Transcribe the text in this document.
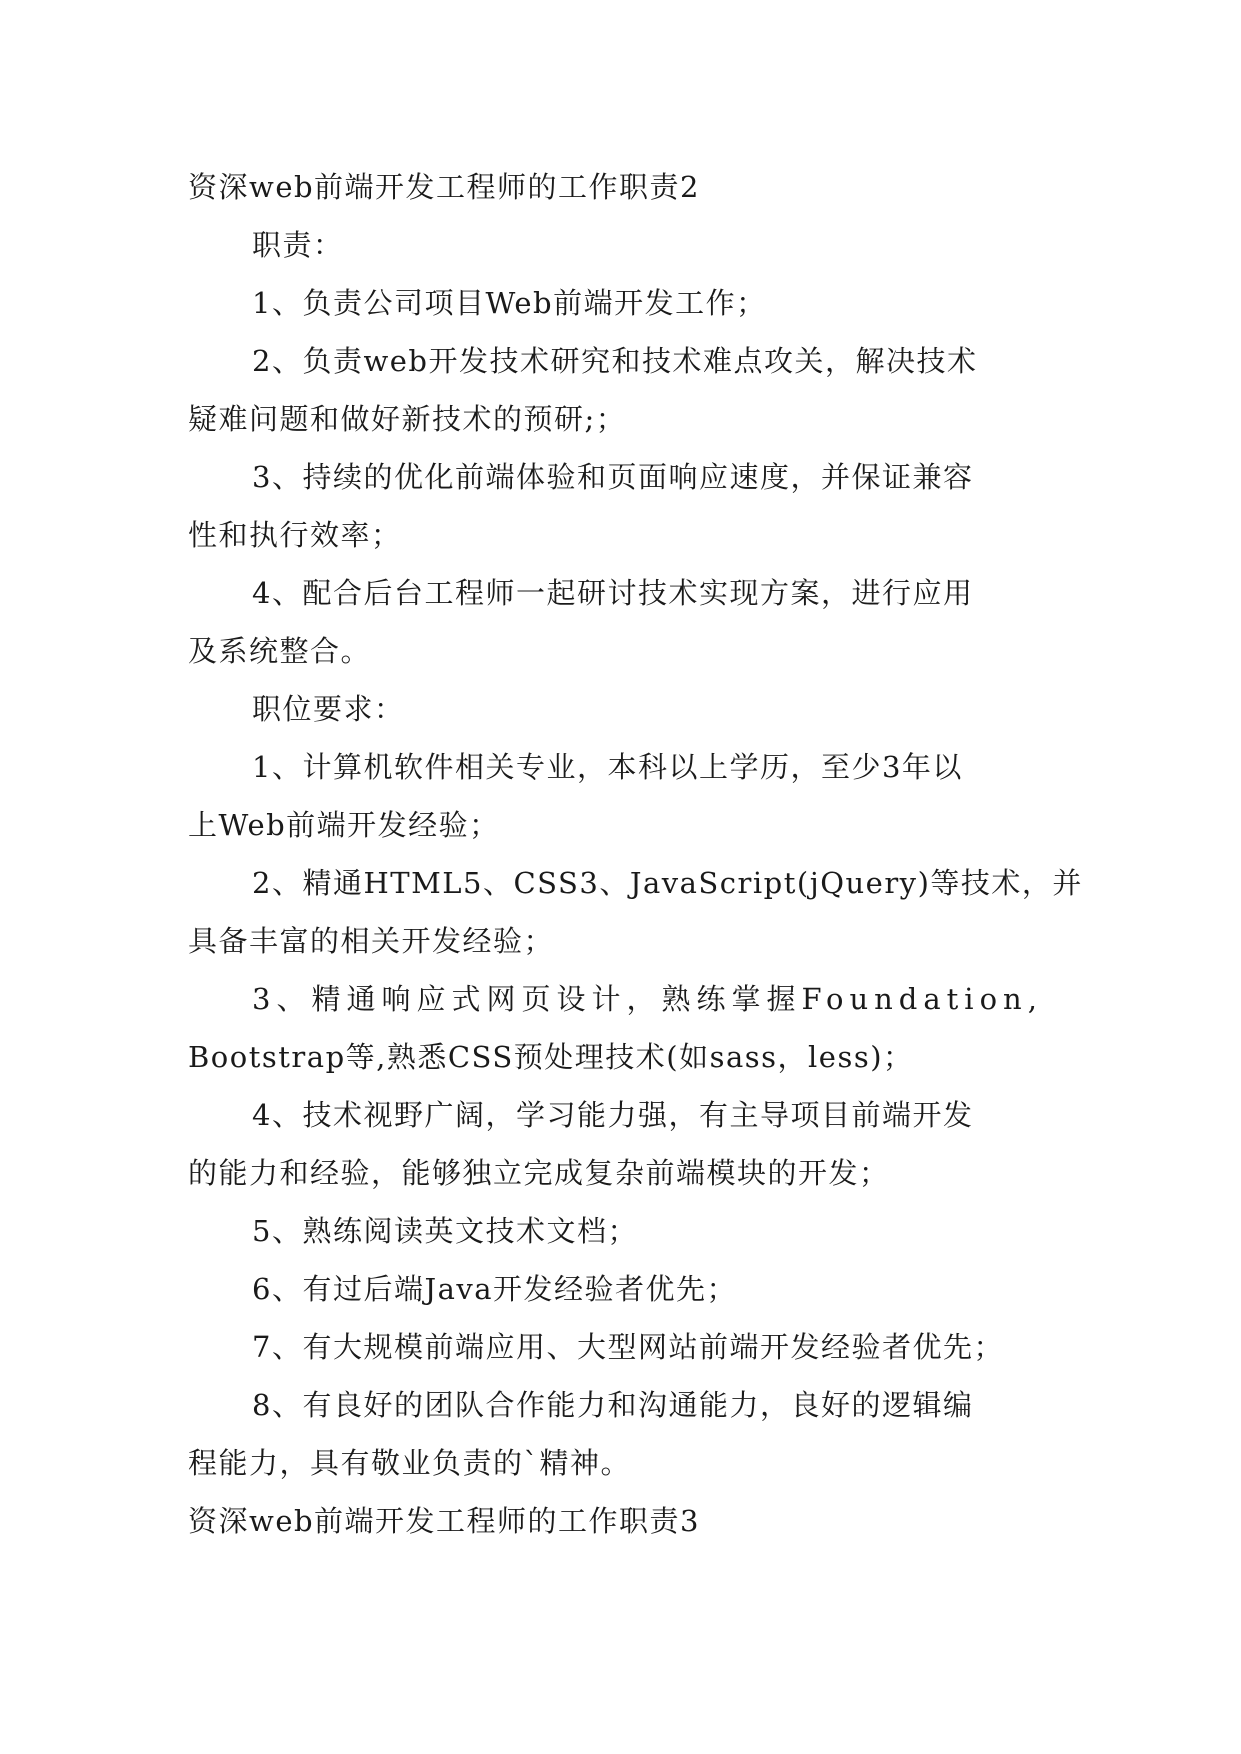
资深web前端开发工程师的工作职责2
职责：
1、负责公司项目Web前端开发工作；
2、负责web开发技术研究和技术难点攻关，解决技术
疑难问题和做好新技术的预研;；
3、持续的优化前端体验和页面响应速度，并保证兼容
性和执行效率；
4、配合后台工程师一起研讨技术实现方案，进行应用
及系统整合。
职位要求：
1、计算机软件相关专业，本科以上学历，至少3年以
上Web前端开发经验；
2、精通HTML5、CSS3、JavaScript(jQuery)等技术，并
具备丰富的相关开发经验；
3、精通响应式网页设计，熟练掌握Foundation,
Bootstrap等,熟悉CSS预处理技术(如sass，less)；
4、技术视野广阔，学习能力强，有主导项目前端开发
的能力和经验，能够独立完成复杂前端模块的开发；
5、熟练阅读英文技术文档；
6、有过后端Java开发经验者优先；
7、有大规模前端应用、大型网站前端开发经验者优先；
8、有良好的团队合作能力和沟通能力，良好的逻辑编
程能力，具有敬业负责的`精神。
资深web前端开发工程师的工作职责3
